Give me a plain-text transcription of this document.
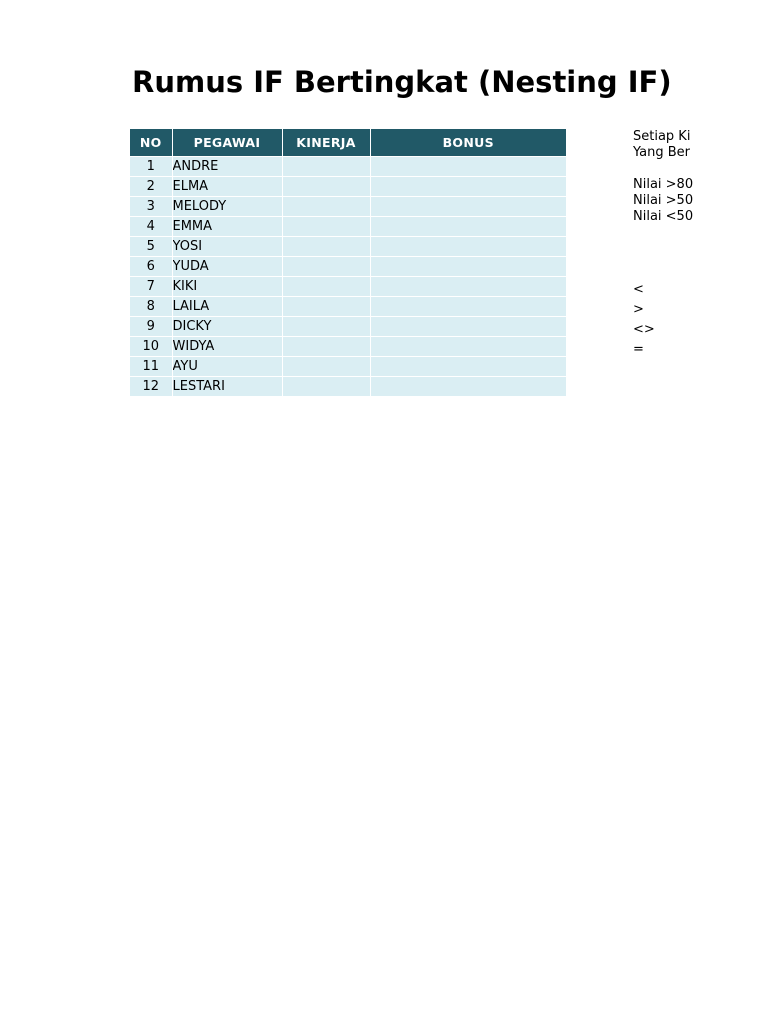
Rumus IF Bertingkat (Nesting IF)
NO	PEGAWAI	KINERJA	BONUS
1	ANDRE		
2	ELMA		
3	MELODY		
4	EMMA		
5	YOSI		
6	YUDA		
7	KIKI		
8	LAILA		
9	DICKY		
10	WIDYA		
11	AYU		
12	LESTARI		
Setiap Ki
Yang Ber
Nilai >80
Nilai >50
Nilai <50
<
>
<>
=
